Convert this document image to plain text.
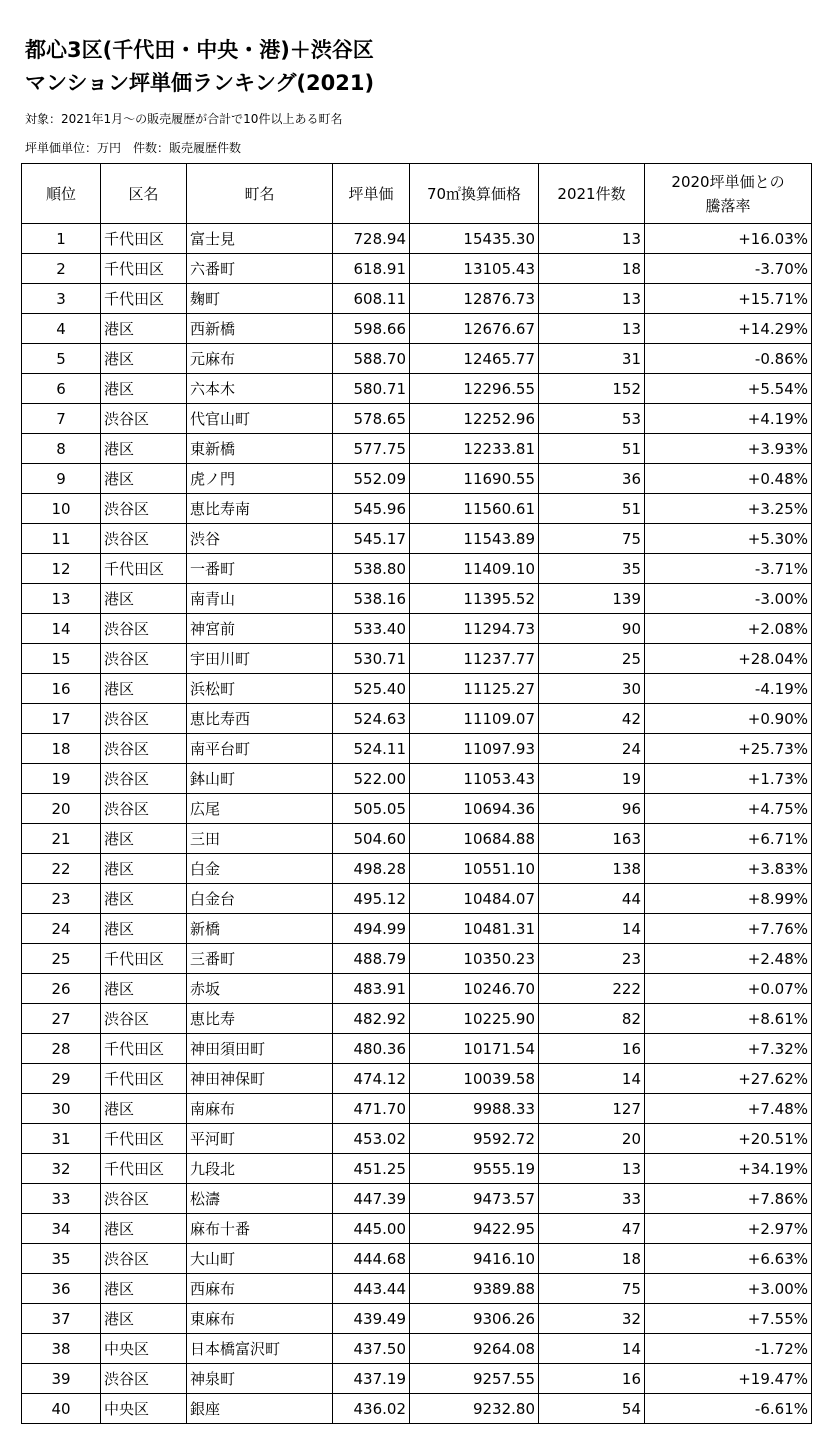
都心3区(千代田・中央・港)＋渋谷区
マンション坪単価ランキング(2021)
対象：2021年1月～の販売履歴が合計で10件以上ある町名
坪単価単位：万円　件数：販売履歴件数
順位	区名	町名	坪単価	70㎡換算価格	2021件数	2020坪単価との
騰落率

1	千代田区	富士見	728.94	15435.30	13	+16.03%
2	千代田区	六番町	618.91	13105.43	18	-3.70%
3	千代田区	麹町	608.11	12876.73	13	+15.71%
4	港区	西新橋	598.66	12676.67	13	+14.29%
5	港区	元麻布	588.70	12465.77	31	-0.86%
6	港区	六本木	580.71	12296.55	152	+5.54%
7	渋谷区	代官山町	578.65	12252.96	53	+4.19%
8	港区	東新橋	577.75	12233.81	51	+3.93%
9	港区	虎ノ門	552.09	11690.55	36	+0.48%
10	渋谷区	恵比寿南	545.96	11560.61	51	+3.25%
11	渋谷区	渋谷	545.17	11543.89	75	+5.30%
12	千代田区	一番町	538.80	11409.10	35	-3.71%
13	港区	南青山	538.16	11395.52	139	-3.00%
14	渋谷区	神宮前	533.40	11294.73	90	+2.08%
15	渋谷区	宇田川町	530.71	11237.77	25	+28.04%
16	港区	浜松町	525.40	11125.27	30	-4.19%
17	渋谷区	恵比寿西	524.63	11109.07	42	+0.90%
18	渋谷区	南平台町	524.11	11097.93	24	+25.73%
19	渋谷区	鉢山町	522.00	11053.43	19	+1.73%
20	渋谷区	広尾	505.05	10694.36	96	+4.75%
21	港区	三田	504.60	10684.88	163	+6.71%
22	港区	白金	498.28	10551.10	138	+3.83%
23	港区	白金台	495.12	10484.07	44	+8.99%
24	港区	新橋	494.99	10481.31	14	+7.76%
25	千代田区	三番町	488.79	10350.23	23	+2.48%
26	港区	赤坂	483.91	10246.70	222	+0.07%
27	渋谷区	恵比寿	482.92	10225.90	82	+8.61%
28	千代田区	神田須田町	480.36	10171.54	16	+7.32%
29	千代田区	神田神保町	474.12	10039.58	14	+27.62%
30	港区	南麻布	471.70	9988.33	127	+7.48%
31	千代田区	平河町	453.02	9592.72	20	+20.51%
32	千代田区	九段北	451.25	9555.19	13	+34.19%
33	渋谷区	松濤	447.39	9473.57	33	+7.86%
34	港区	麻布十番	445.00	9422.95	47	+2.97%
35	渋谷区	大山町	444.68	9416.10	18	+6.63%
36	港区	西麻布	443.44	9389.88	75	+3.00%
37	港区	東麻布	439.49	9306.26	32	+7.55%
38	中央区	日本橋富沢町	437.50	9264.08	14	-1.72%
39	渋谷区	神泉町	437.19	9257.55	16	+19.47%
40	中央区	銀座	436.02	9232.80	54	-6.61%
